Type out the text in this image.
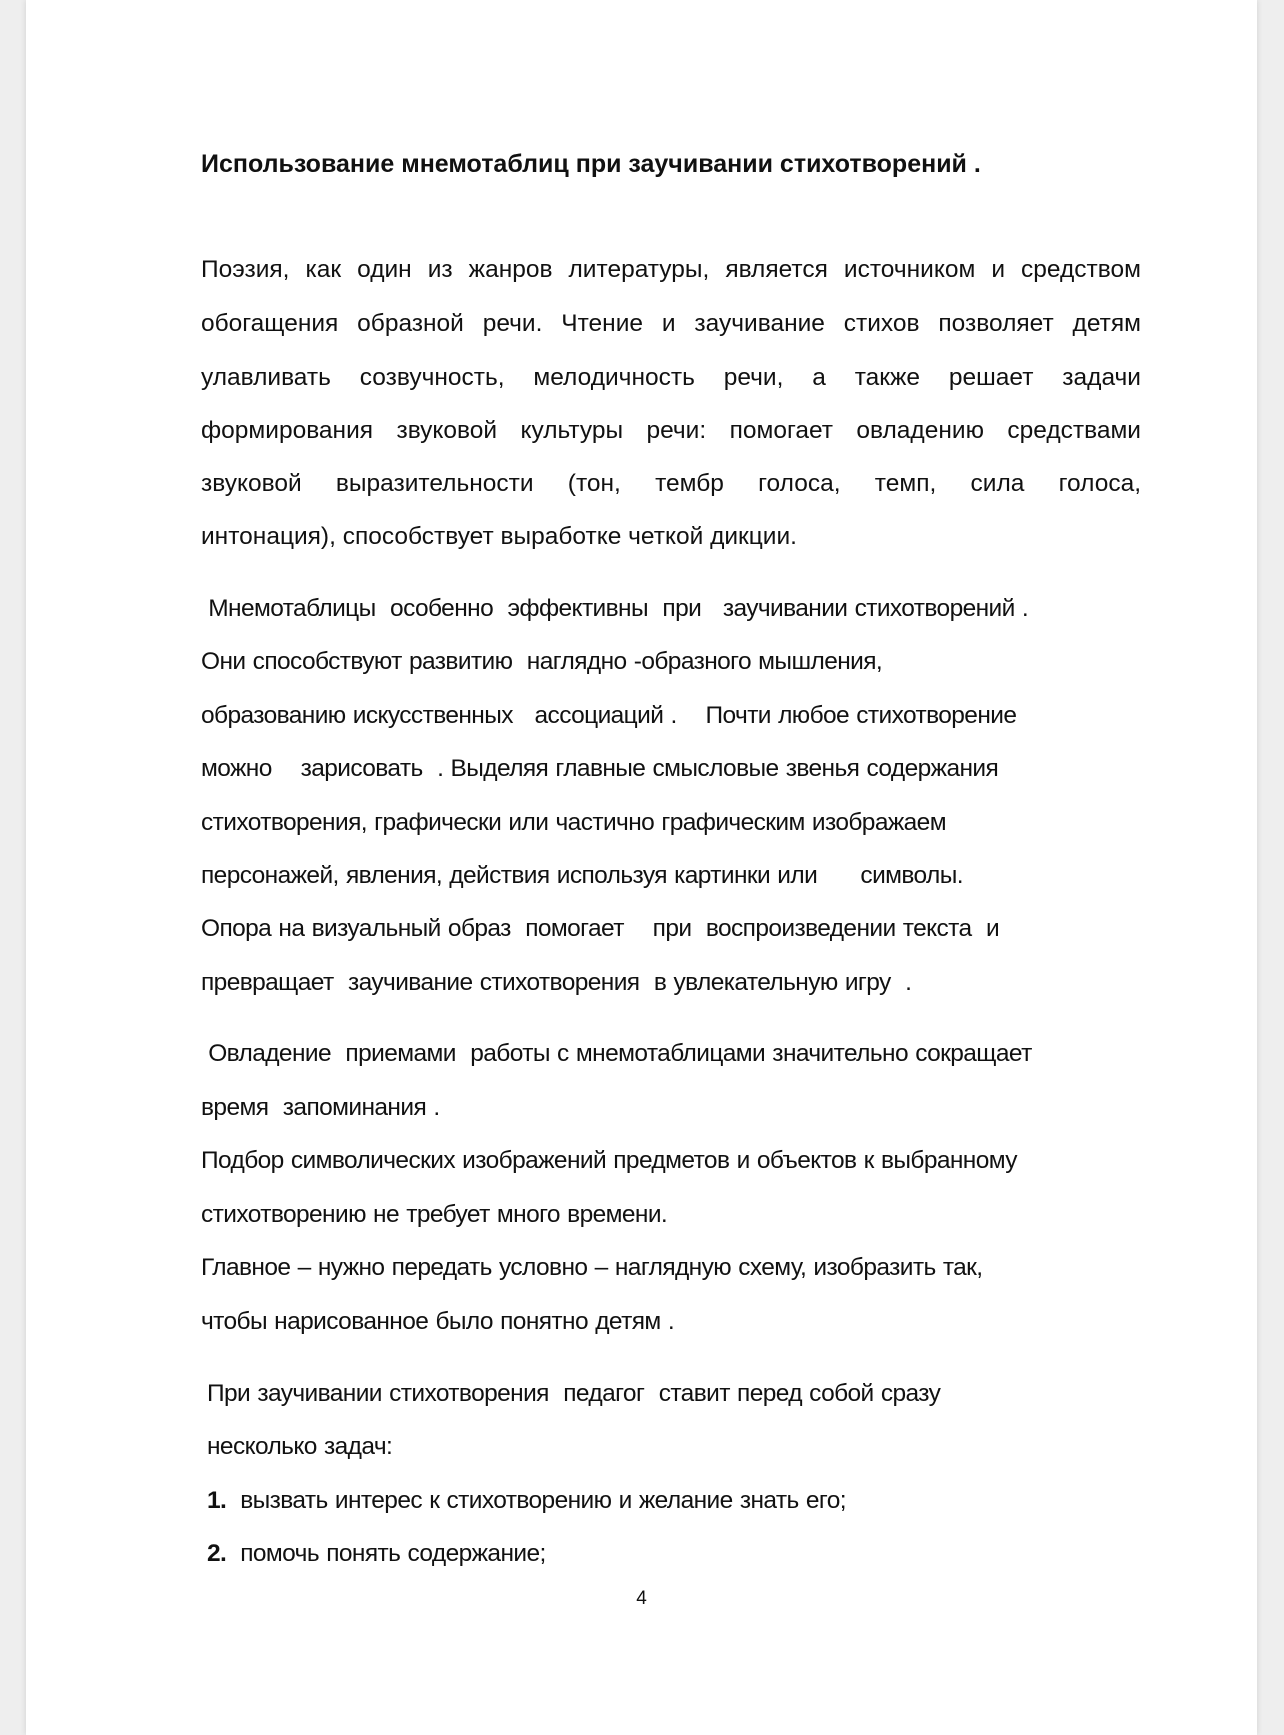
Использование мнемотаблиц при заучивании стихотворений .
Поэзия, как один из жанров литературы, является источником и средством
обогащения образной речи. Чтение и заучивание стихов позволяет детям
улавливать созвучность, мелодичность речи, а также решает задачи
формирования звуковой культуры речи: помогает овладению средствами
звуковой выразительности (тон, тембр голоса, темп, сила голоса,
интонация), способствует выработке четкой дикции.
Мнемотаблицы  особенно  эффективны  при   заучивании стихотворений .
Они способствуют развитию  наглядно -образного мышления,
образованию искусственных   ассоциаций .    Почти любое стихотворение
можно    зарисовать  . Выделяя главные смысловые звенья содержания
стихотворения, графически или частично графическим изображаем
персонажей, явления, действия используя картинки или      символы.
Опора на визуальный образ  помогает    при  воспроизведении текста  и
превращает  заучивание стихотворения  в увлекательную игру  .
Овладение  приемами  работы с мнемотаблицами значительно сокращает
время  запоминания .
Подбор символических изображений предметов и объектов к выбранному
стихотворению не требует много времени.
Главное – нужно передать условно – наглядную схему, изобразить так,
чтобы нарисованное было понятно детям .
При заучивании стихотворения  педагог  ставит перед собой сразу
несколько задач:
1. вызвать интерес к стихотворению и желание знать его;
2. помочь понять содержание;
4
